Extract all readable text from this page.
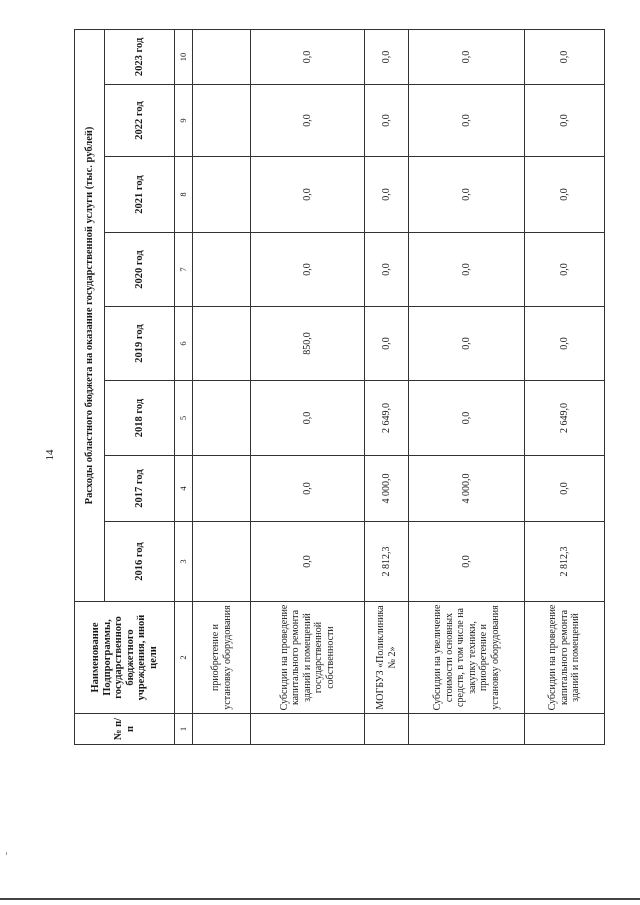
14
№ п/п	Наименование Подпрограммы, государственного бюджетного учреждения, иной цели	Расходы областного бюджета на оказание государственной услуги (тыс. рублей)							
		2016 год	2017 год	2018 год	2019 год	2020 год	2021 год	2022 год	2023 год
1	2	3	4	5	6	7	8	9	10
	приобретение и установку оборудования								
	Субсидии на проведение капитального ремонта зданий и помещений государственной собственности	0,0	0,0	0,0	850,0	0,0	0,0	0,0	0,0
	МОГБУЗ «Поликлиника № 2»	2 812,3	4 000,0	2 649,0	0,0	0,0	0,0	0,0	0,0
	Субсидии на увеличение стоимости основных средств, в том числе на закупку техники, приобретение и установку оборудования	0,0	4 000,0	0,0	0,0	0,0	0,0	0,0	0,0
	Субсидии на проведение капитального ремонта зданий и помещений	2 812,3	0,0	2 649,0	0,0	0,0	0,0	0,0	0,0
